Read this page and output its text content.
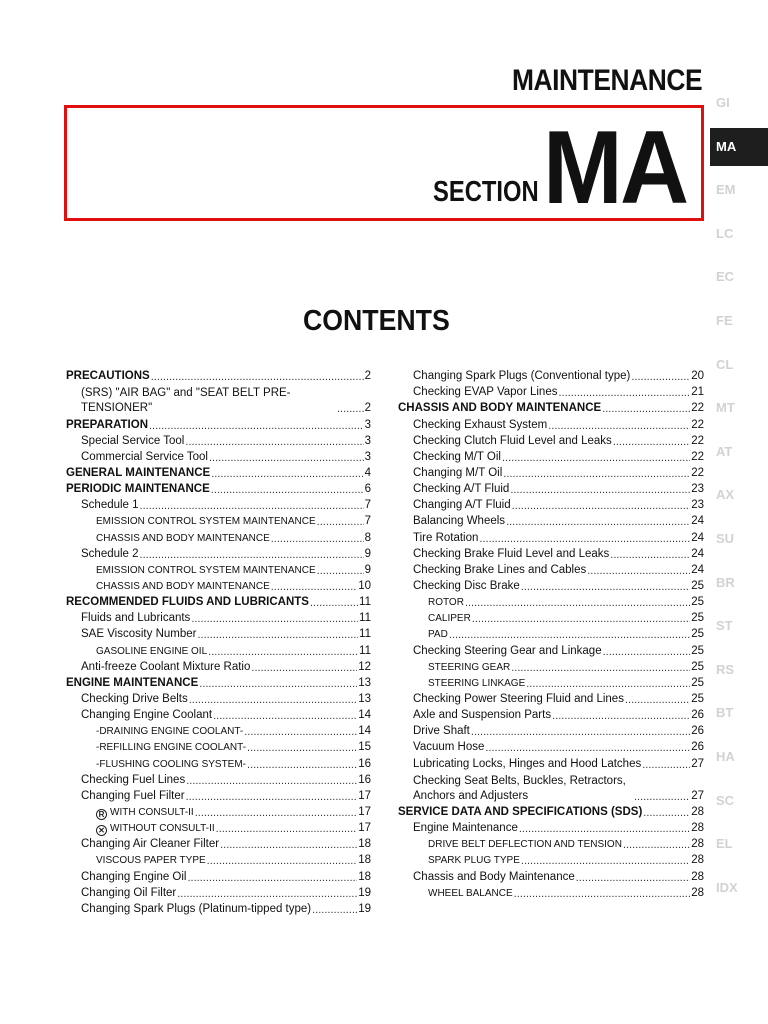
MAINTENANCE
SECTION MA
CONTENTS
PRECAUTIONS .....	2
(SRS) "AIR BAG" and "SEAT BELT PRE-TENSIONER" .....	2
PREPARATION .....	3
Special Service Tool .....	3
Commercial Service Tool .....	3
GENERAL MAINTENANCE .....	4
PERIODIC MAINTENANCE .....	6
Schedule 1 .....	7
EMISSION CONTROL SYSTEM MAINTENANCE .....	7
CHASSIS AND BODY MAINTENANCE .....	8
Schedule 2 .....	9
EMISSION CONTROL SYSTEM MAINTENANCE .....	9
CHASSIS AND BODY MAINTENANCE .....	10
RECOMMENDED FLUIDS AND LUBRICANTS .....	11
Fluids and Lubricants .....	11
SAE Viscosity Number .....	11
GASOLINE ENGINE OIL .....	11
Anti-freeze Coolant Mixture Ratio .....	12
ENGINE MAINTENANCE .....	13
Checking Drive Belts .....	13
Changing Engine Coolant .....	14
-DRAINING ENGINE COOLANT- .....	14
-REFILLING ENGINE COOLANT- .....	15
-FLUSHING COOLING SYSTEM- .....	16
Checking Fuel Lines .....	16
Changing Fuel Filter .....	17
R WITH CONSULT-II .....	17
✕ WITHOUT CONSULT-II .....	17
Changing Air Cleaner Filter .....	18
VISCOUS PAPER TYPE .....	18
Changing Engine Oil .....	18
Changing Oil Filter .....	19
Changing Spark Plugs (Platinum-tipped type) .....	19
Changing Spark Plugs (Conventional type) .....	20
Checking EVAP Vapor Lines .....	21
CHASSIS AND BODY MAINTENANCE .....	22
Checking Exhaust System .....	22
Checking Clutch Fluid Level and Leaks .....	22
Checking M/T Oil .....	22
Changing M/T Oil .....	22
Checking A/T Fluid .....	23
Changing A/T Fluid .....	23
Balancing Wheels .....	24
Tire Rotation .....	24
Checking Brake Fluid Level and Leaks .....	24
Checking Brake Lines and Cables .....	24
Checking Disc Brake .....	25
ROTOR .....	25
CALIPER .....	25
PAD .....	25
Checking Steering Gear and Linkage .....	25
STEERING GEAR .....	25
STEERING LINKAGE .....	25
Checking Power Steering Fluid and Lines .....	25
Axle and Suspension Parts .....	26
Drive Shaft .....	26
Vacuum Hose .....	26
Lubricating Locks, Hinges and Hood Latches .....	27
Checking Seat Belts, Buckles, Retractors, Anchors and Adjusters .....	27
SERVICE DATA AND SPECIFICATIONS (SDS) .....	28
Engine Maintenance .....	28
DRIVE BELT DEFLECTION AND TENSION .....	28
SPARK PLUG TYPE .....	28
Chassis and Body Maintenance .....	28
WHEEL BALANCE .....	28
GI
MA
EM
LC
EC
FE
CL
MT
AT
AX
SU
BR
ST
RS
BT
HA
SC
EL
IDX
